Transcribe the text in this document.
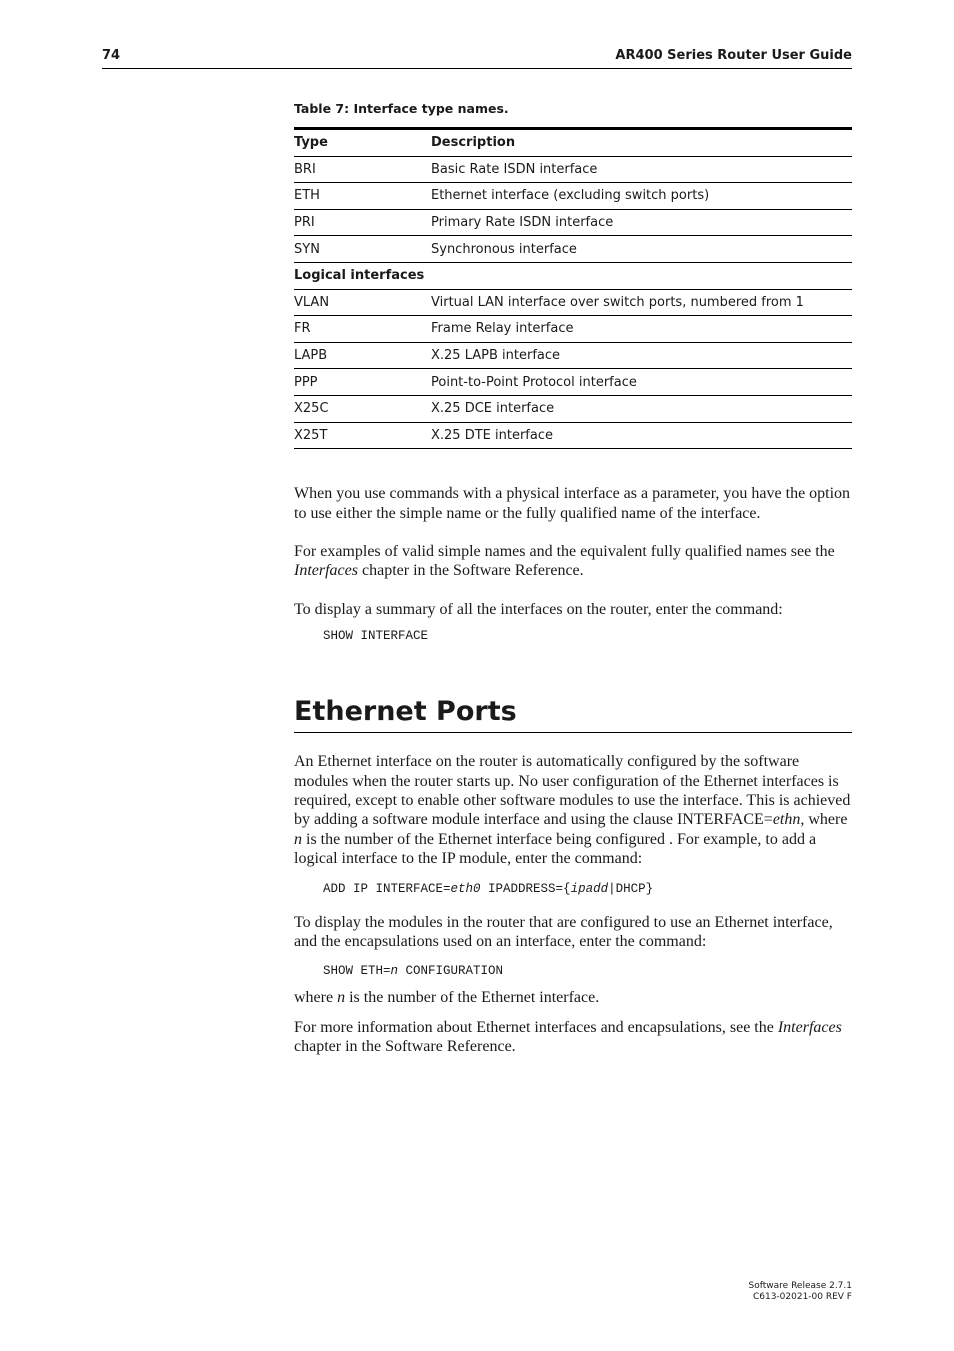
74	AR400 Series Router User Guide
Table 7: Interface type names.
Type	Description
BRI	Basic Rate ISDN interface
ETH	Ethernet interface (excluding switch ports)
PRI	Primary Rate ISDN interface
SYN	Synchronous interface
Logical interfaces	
VLAN	Virtual LAN interface over switch ports, numbered from 1
FR	Frame Relay interface
LAPB	X.25 LAPB interface
PPP	Point-to-Point Protocol interface
X25C	X.25 DCE interface
X25T	X.25 DTE interface

When you use commands with a physical interface as a parameter, you have the option to use either the simple name or the fully qualified name of the interface.

For examples of valid simple names and the equivalent fully qualified names see the Interfaces chapter in the Software Reference.

To display a summary of all the interfaces on the router, enter the command:

SHOW INTERFACE
Ethernet Ports

An Ethernet interface on the router is automatically configured by the software modules when the router starts up. No user configuration of the Ethernet interfaces is required, except to enable other software modules to use the interface. This is achieved by adding a software module interface and using the clause INTERFACE=ethn, where n is the number of the Ethernet interface being configured . For example, to add a logical interface to the IP module, enter the command:

ADD IP INTERFACE=eth0 IPADDRESS={ipadd|DHCP}

To display the modules in the router that are configured to use an Ethernet interface, and the encapsulations used on an interface, enter the command:

SHOW ETH=n CONFIGURATION

where n is the number of the Ethernet interface.

For more information about Ethernet interfaces and encapsulations, see the Interfaces chapter in the Software Reference.

Software Release 2.7.1
C613-02021-00 REV F
